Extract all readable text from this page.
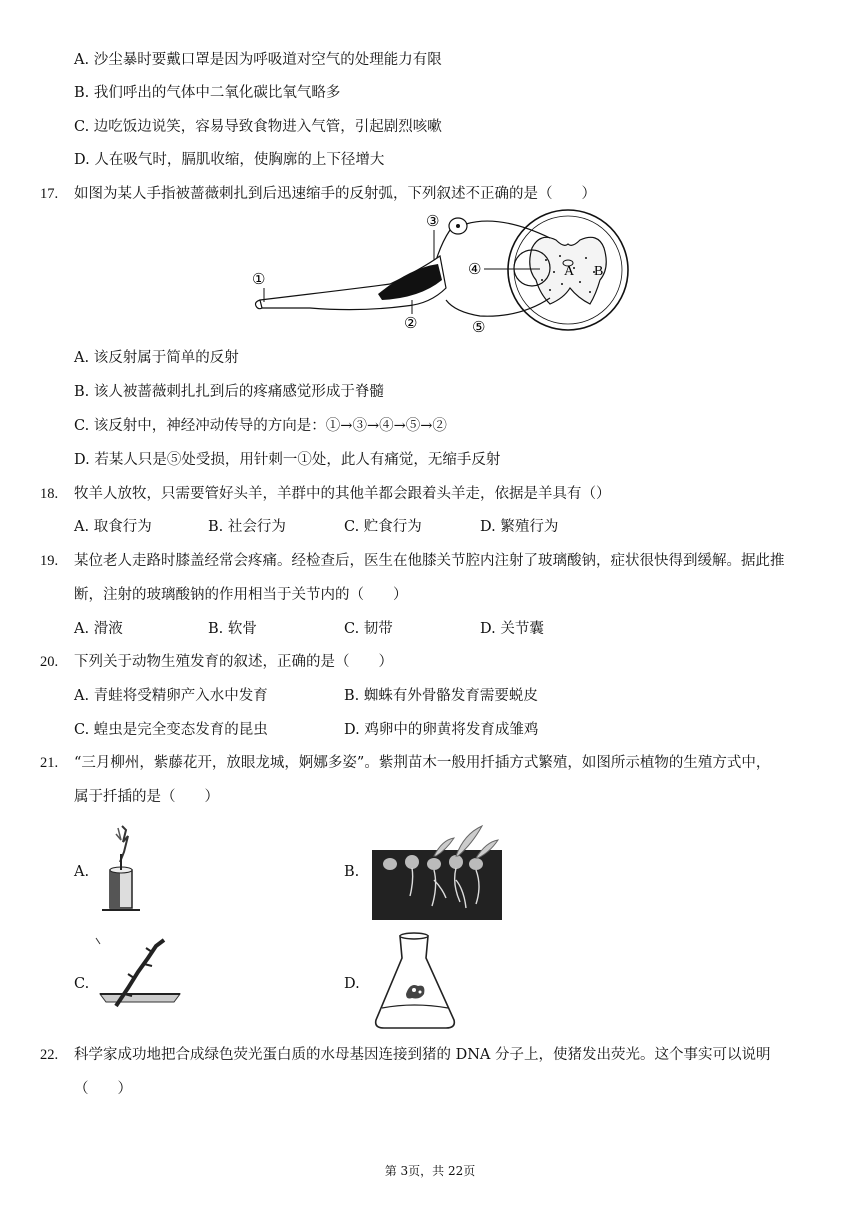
A. 沙尘暴时要戴口罩是因为呼吸道对空气的处理能力有限
B. 我们呼出的气体中二氧化碳比氧气略多
C. 边吃饭边说笑，容易导致食物进入气管，引起剧烈咳嗽
D. 人在吸气时，膈肌收缩，使胸廓的上下径增大
17. 如图为某人手指被蔷薇刺扎到后迅速缩手的反射弧，下列叙述不正确的是（　　）
A B
④
③
⑤
①
②
A. 该反射属于简单的反射
B. 该人被蔷薇刺扎扎到后的疼痛感觉形成于脊髓
C. 该反射中，神经冲动传导的方向是：①→③→④→⑤→②
D. 若某人只是⑤处受损，用针刺一①处，此人有痛觉，无缩手反射
18. 牧羊人放牧，只需要管好头羊，羊群中的其他羊都会跟着头羊走，依据是羊具有（）
A. 取食行为	B. 社会行为	C. 贮食行为	D. 繁殖行为
19. 某位老人走路时膝盖经常会疼痛。经检查后，医生在他膝关节腔内注射了玻璃酸钠，症状很快得到缓解。据此推
断，注射的玻璃酸钠的作用相当于关节内的（　　）
A. 滑液	B. 软骨	C. 韧带	D. 关节囊
20. 下列关于动物生殖发育的叙述，正确的是（　　）
A. 青蛙将受精卵产入水中发育	B. 蜘蛛有外骨骼发育需要蜕皮
C. 蝗虫是完全变态发育的昆虫	D. 鸡卵中的卵黄将发育成雏鸡
21. “三月柳州，紫藤花开，放眼龙城，婀娜多姿”。紫荆苗木一般用扦插方式繁殖，如图所示植物的生殖方式中，
属于扦插的是（　　）
A.	B.
C.	D.
22. 科学家成功地把合成绿色荧光蛋白质的水母基因连接到猪的 DNA 分子上，使猪发出荧光。这个事实可以说明
（　　）
第 3页，共 22页
